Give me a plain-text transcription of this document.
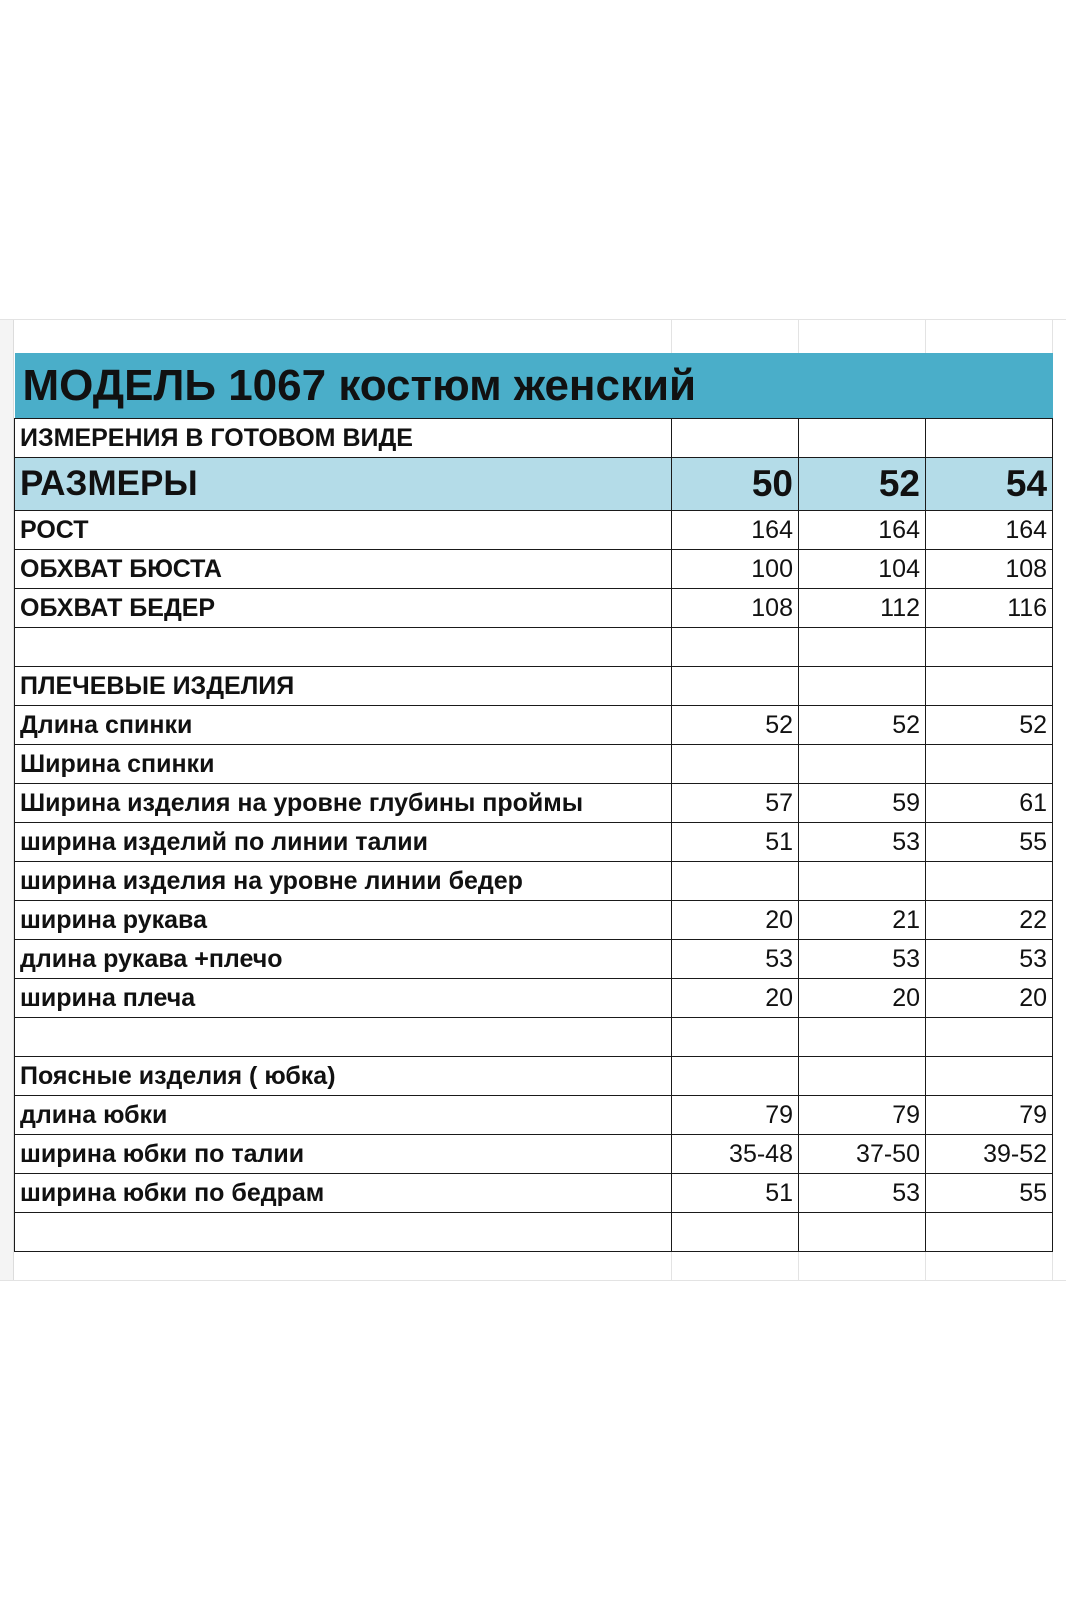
МОДЕЛЬ 1067 костюм женский			
ИЗМЕРЕНИЯ В ГОТОВОМ ВИДЕ			
РАЗМЕРЫ	50	52	54
РОСТ	164	164	164
ОБХВАТ БЮСТА	100	104	108
ОБХВАТ БЕДЕР	108	112	116

ПЛЕЧЕВЫЕ ИЗДЕЛИЯ			
Длина спинки	52	52	52
Ширина спинки			
Ширина изделия на уровне глубины проймы	57	59	61
ширина изделий по линии талии	51	53	55
ширина изделия на уровне линии бедер			
ширина рукава	20	21	22
длина рукава +плечо	53	53	53
ширина плеча	20	20	20

Поясные изделия ( юбка)			
длина юбки	79	79	79
ширина юбки по талии	35-48	37-50	39-52
ширина юбки по бедрам	51	53	55
